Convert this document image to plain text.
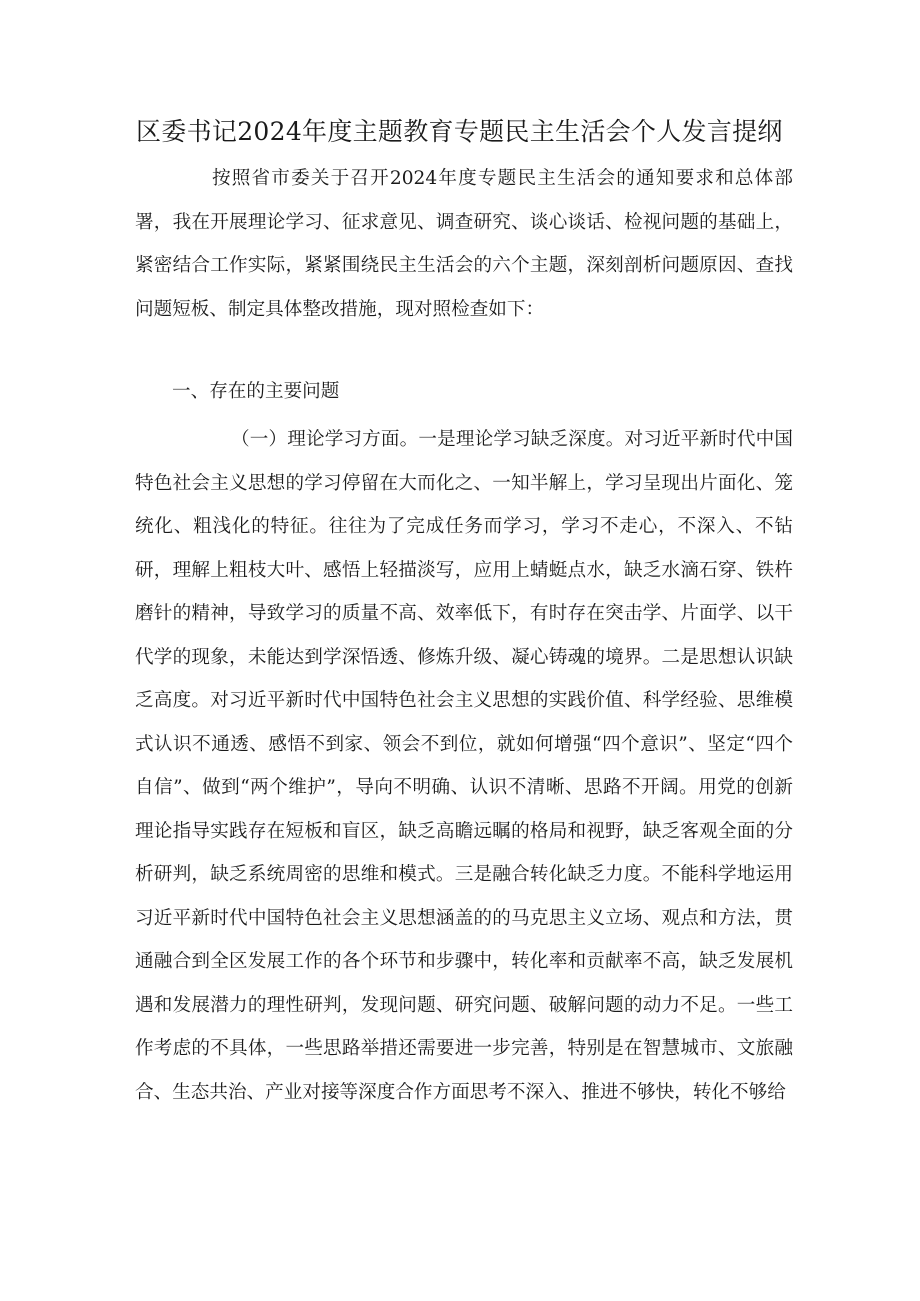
区委书记2024年度主题教育专题民主生活会个人发言提纲
按照省市委关于召开2024年度专题民主生活会的通知要求和总体部署，我在开展理论学习、征求意见、调查研究、谈心谈话、检视问题的基础上，紧密结合工作实际，紧紧围绕民主生活会的六个主题，深刻剖析问题原因、查找问题短板、制定具体整改措施，现对照检查如下：
一、存在的主要问题
（一）理论学习方面。一是理论学习缺乏深度。对习近平新时代中国特色社会主义思想的学习停留在大而化之、一知半解上，学习呈现出片面化、笼统化、粗浅化的特征。往往为了完成任务而学习，学习不走心，不深入、不钻研，理解上粗枝大叶、感悟上轻描淡写，应用上蜻蜓点水，缺乏水滴石穿、铁杵磨针的精神，导致学习的质量不高、效率低下，有时存在突击学、片面学、以干代学的现象，未能达到学深悟透、修炼升级、凝心铸魂的境界。二是思想认识缺乏高度。对习近平新时代中国特色社会主义思想的实践价值、科学经验、思维模式认识不通透、感悟不到家、领会不到位，就如何增强“四个意识”、坚定“四个自信”、做到“两个维护”，导向不明确、认识不清晰、思路不开阔。用党的创新理论指导实践存在短板和盲区，缺乏高瞻远瞩的格局和视野，缺乏客观全面的分析研判，缺乏系统周密的思维和模式。三是融合转化缺乏力度。不能科学地运用习近平新时代中国特色社会主义思想涵盖的的马克思主义立场、观点和方法，贯通融合到全区发展工作的各个环节和步骤中，转化率和贡献率不高，缺乏发展机遇和发展潜力的理性研判，发现问题、研究问题、破解问题的动力不足。一些工作考虑的不具体，一些思路举措还需要进一步完善，特别是在智慧城市、文旅融合、生态共治、产业对接等深度合作方面思考不深入、推进不够快，转化不够给
